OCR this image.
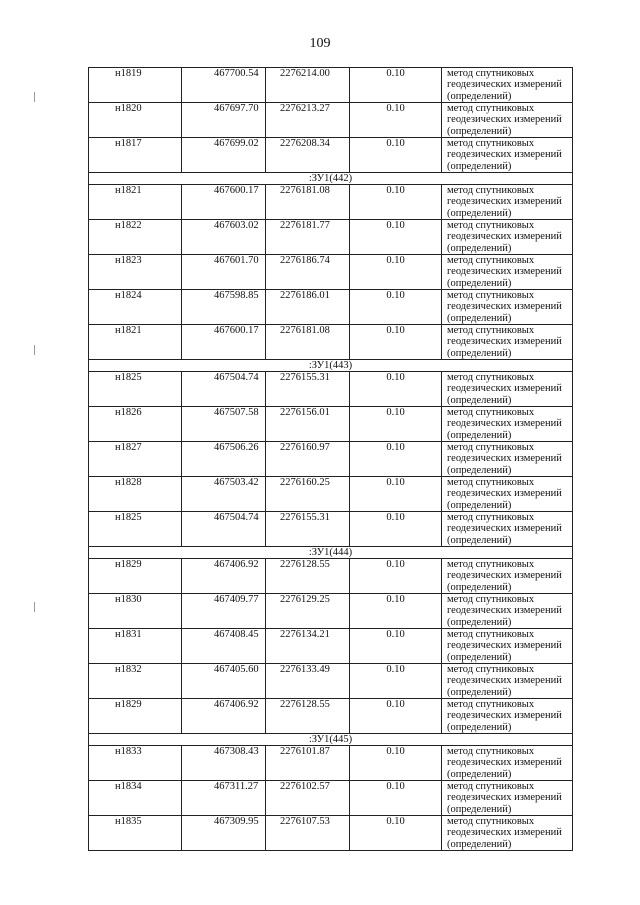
109
н1819	467700.54	2276214.00	0.10	метод спутниковых
геодезических измерений
(определений)

н1820	467697.70	2276213.27	0.10	метод спутниковых
геодезических измерений
(определений)

н1817	467699.02	2276208.34	0.10	метод спутниковых
геодезических измерений
(определений)

:ЗУ1(442)				
н1821	467600.17	2276181.08	0.10	метод спутниковых
геодезических измерений
(определений)

н1822	467603.02	2276181.77	0.10	метод спутниковых
геодезических измерений
(определений)

н1823	467601.70	2276186.74	0.10	метод спутниковых
геодезических измерений
(определений)

н1824	467598.85	2276186.01	0.10	метод спутниковых
геодезических измерений
(определений)

н1821	467600.17	2276181.08	0.10	метод спутниковых
геодезических измерений
(определений)

:ЗУ1(443)				
н1825	467504.74	2276155.31	0.10	метод спутниковых
геодезических измерений
(определений)

н1826	467507.58	2276156.01	0.10	метод спутниковых
геодезических измерений
(определений)

н1827	467506.26	2276160.97	0.10	метод спутниковых
геодезических измерений
(определений)

н1828	467503.42	2276160.25	0.10	метод спутниковых
геодезических измерений
(определений)

н1825	467504.74	2276155.31	0.10	метод спутниковых
геодезических измерений
(определений)

:ЗУ1(444)				
н1829	467406.92	2276128.55	0.10	метод спутниковых
геодезических измерений
(определений)

н1830	467409.77	2276129.25	0.10	метод спутниковых
геодезических измерений
(определений)

н1831	467408.45	2276134.21	0.10	метод спутниковых
геодезических измерений
(определений)

н1832	467405.60	2276133.49	0.10	метод спутниковых
геодезических измерений
(определений)

н1829	467406.92	2276128.55	0.10	метод спутниковых
геодезических измерений
(определений)

:ЗУ1(445)				
н1833	467308.43	2276101.87	0.10	метод спутниковых
геодезических измерений
(определений)

н1834	467311.27	2276102.57	0.10	метод спутниковых
геодезических измерений
(определений)

н1835	467309.95	2276107.53	0.10	метод спутниковых
геодезических измерений
(определений)
